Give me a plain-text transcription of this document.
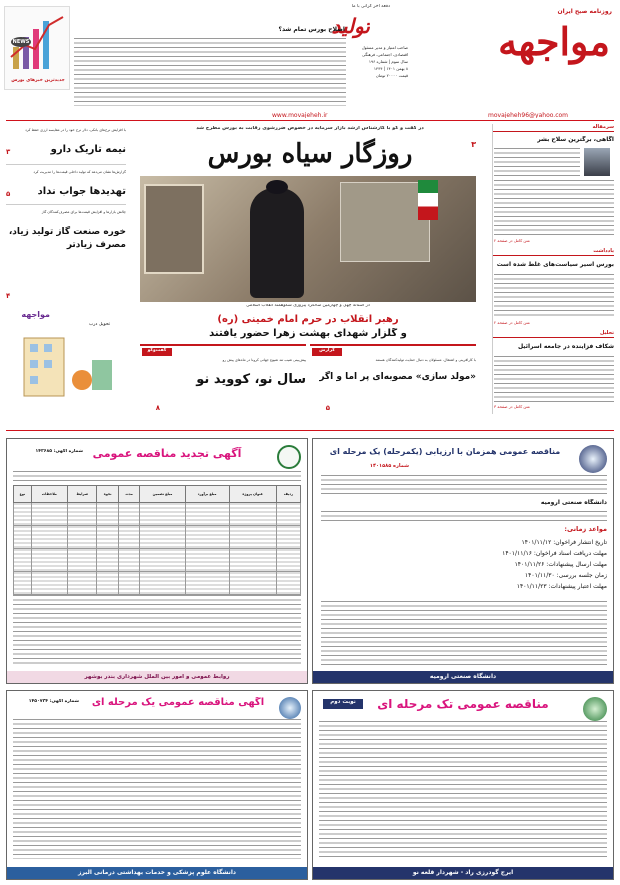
روزنامه صبح ایران
مواجهه
دفعه آخر گرانی با ما
تولید
صاحب امتیاز و مدیر مسئول
اقتصادی، اجتماعی، فرهنگی
سال سوم | شماره ۱۹۶
۸ بهمن ۱۴۰۱ | ۱۴۴۴
قیمت ۲۰۰۰۰ تومان
www.movajeheh.ir	movajeheh96@yahoo.com
NEWS
جدیدترین خبرهای بورس
اصلاح بورس تمام شد؟
سرمقاله
آگاهی، برگترین سلاح بشر
متن کامل در صفحه ۲
یادداشت
بورس اسیر سیاست‌های غلط شده است
متن کامل در صفحه ۲
تحلیل
شکاف فزاینده در جامعه اسرائیل
متن کامل در صفحه ۳
با افزایش نرخ‌های بانکی، دلار نرخ خود را در مقایسه ارزی حفظ کرد
نیمه تاریک دارو
۳
گزارش‌ها نشان می‌دهد که تولید داخلی قیمت‌ها را مدیریت کرد
تهدیدها جواب نداد
۵
چالش بازارها و افزایش قیمت‌ها برای مصرف‌کنندگان گاز
خوره صنعت گاز تولید زیاد، مصرف زیادتر
۴
مواجهه
تحویل درب
در گفت و گو با کارشناس ارشد بازار سرمایه در خصوص ضررشوی رقابت به بورس مطرح شد
روزگار سیاه بورس	۳
در آستانه چهل و چهارمین سالگرد پیروزی شکوهمند انقلاب اسلامی
رهبر انقلاب در حرم امام خمینی (ره)
و گلزار شهدای بهشت زهرا حضور یافتند
گزارش
با کارآفرینی و اشتغال، مسئولان به دنبال حمایت تولیدکنندگان هستند
«مولد سازی» مصوبه‌ای پر اما و اگر
۵
گفت‌وگو
پیش‌بینی شیب تند شیوع جهانی کرونا در ماه‌های پیش رو
سال نو، کووید نو
۸
مناقصه عمومی همزمان با ارزیابی (یکمرحله) یک مرحله ای
شماره ۱۴۰۱۵۸۵
دانشگاه صنعتی ارومیه
مواعد زمانی:
تاریخ انتشار فراخوان: ۱۴۰۱/۱۱/۱۲
مهلت دریافت اسناد فراخوان: ۱۴۰۱/۱۱/۱۶
مهلت ارسال پیشنهادات: ۱۴۰۱/۱۱/۲۶
زمان جلسه بررسی: ۱۴۰۱/۱۱/۳۰
مهلت اعتبار پیشنهادات: ۱۴۰۱/۱۱/۲۳
دانشگاه صنعتی ارومیه
آگهی تجدید مناقصه عمومی
شماره آگهی: ۱۴۲۶۸۵
ردیف	عنوان پروژه	مبلغ برآورد	مبلغ تضمین	مدت	نحوه	شرایط	ملاحظات	نوع

روابط عمومی و امور بین الملل شهرداری بندر بوشهر
مناقصه عمومی تک مرحله ای
نوبت دوم
ایرج گودرزی راد - شهردار قلعه نو
آگهی مناقصه عمومی یک مرحله ای
شماره آگهی: ۱۴۵۰۷۲۴
دانشگاه علوم پزشکی و خدمات بهداشتی درمانی البرز
